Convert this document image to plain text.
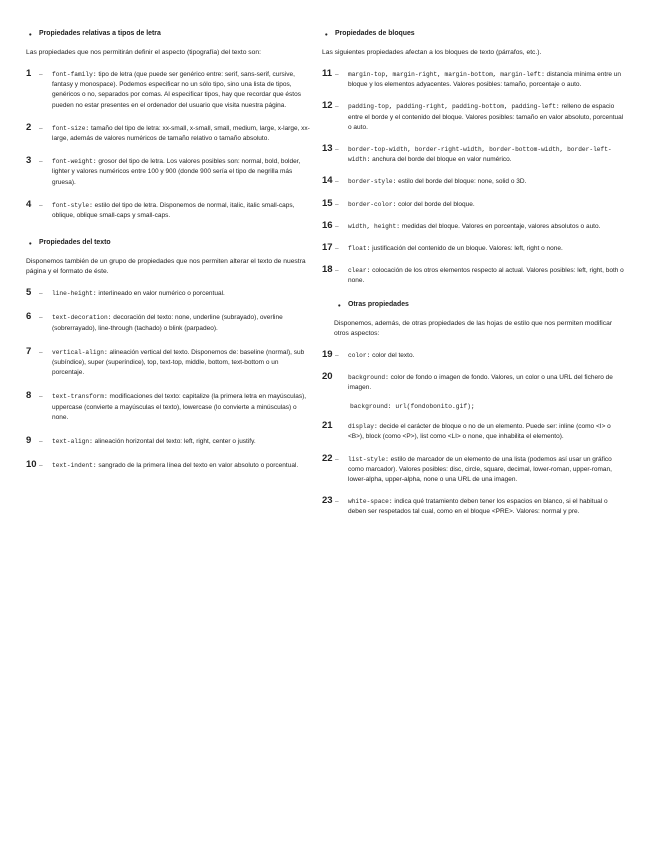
• Propiedades relativas a tipos de letra

Las propiedades que nos permitirán definir el aspecto (tipografía) del texto son:

1 – font-family: tipo de letra (que puede ser genérico entre: serif, sans-serif, cursive, fantasy y monospace). Podemos especificar no un sólo tipo, sino una lista de tipos, genéricos o no, separados por comas. Al especificar tipos, hay que recordar que éstos pueden no estar presentes en el ordenador del usuario que visita nuestra página.
2 – font-size: tamaño del tipo de letra: xx-small, x-small, small, medium, large, x-large, xx-large, además de valores numéricos de tamaño relativo o tamaño absoluto.
3 – font-weight: grosor del tipo de letra. Los valores posibles son: normal, bold, bolder, lighter y valores numéricos entre 100 y 900 (donde 900 sería el tipo de negrilla más gruesa).
4 – font-style: estilo del tipo de letra. Disponemos de normal, italic, italic small-caps, oblique, oblique small-caps y small-caps.
• Propiedades del texto

Disponemos también de un grupo de propiedades que nos permiten alterar el texto de nuestra página y el formato de éste.

5 – line-height: interlineado en valor numérico o porcentual.
6 – text-decoration: decoración del texto: none, underline (subrayado), overline (sobrerrayado), line-through (tachado) o blink (parpadeo).
7 – vertical-align: alineación vertical del texto. Disponemos de: baseline (normal), sub (subíndice), super (superíndice), top, text-top, middle, bottom, text-bottom o un porcentaje.
8 – text-transform: modificaciones del texto: capitalize (la primera letra en mayúsculas), uppercase (convierte a mayúsculas el texto), lowercase (lo convierte a minúsculas) o none.
9 – text-align: alineación horizontal del texto: left, right, center o justify.
10 – text-indent: sangrado de la primera línea del texto en valor absoluto o porcentual.
• Propiedades de bloques

Las siguientes propiedades afectan a los bloques de texto (párrafos, etc.).

11 – margin-top, margin-right, margin-bottom, margin-left: distancia mínima entre un bloque y los elementos adyacentes. Valores posibles: tamaño, porcentaje o auto.
12 – padding-top, padding-right, padding-bottom, padding-left: relleno de espacio entre el borde y el contenido del bloque. Valores posibles: tamaño en valor absoluto, porcentual o auto.
13 – border-top-width, border-right-width, border-bottom-width, border-left-width: anchura del borde del bloque en valor numérico.
14 – border-style: estilo del borde del bloque: none, solid o 3D.
15 – border-color: color del borde del bloque.
16 – width, height: medidas del bloque. Valores en porcentaje, valores absolutos o auto.
17 – float: justificación del contenido de un bloque. Valores: left, right o none.
18 – clear: colocación de los otros elementos respecto al actual. Valores posibles: left, right, both o none.
• Otras propiedades

Disponemos, además, de otras propiedades de las hojas de estilo que nos permiten modificar otros aspectos:

19 – color: color del texto.
20 background: color de fondo o imagen de fondo. Valores, un color o una URL del fichero de imagen.

background: url(fondobonito.gif);

21 display: decide el carácter de bloque o no de un elemento. Puede ser: inline (como <I> o <B>), block (como <P>), list como <LI> o none, que inhabilita el elemento).
22 – list-style: estilo de marcador de un elemento de una lista (podemos así usar un gráfico como marcador). Valores posibles: disc, circle, square, decimal, lower-roman, upper-roman, lower-alpha, upper-alpha, none o una URL de una imagen.
23 – white-space: indica qué tratamiento deben tener los espacios en blanco, si el habitual o deben ser respetados tal cual, como en el bloque <PRE>. Valores: normal y pre.
